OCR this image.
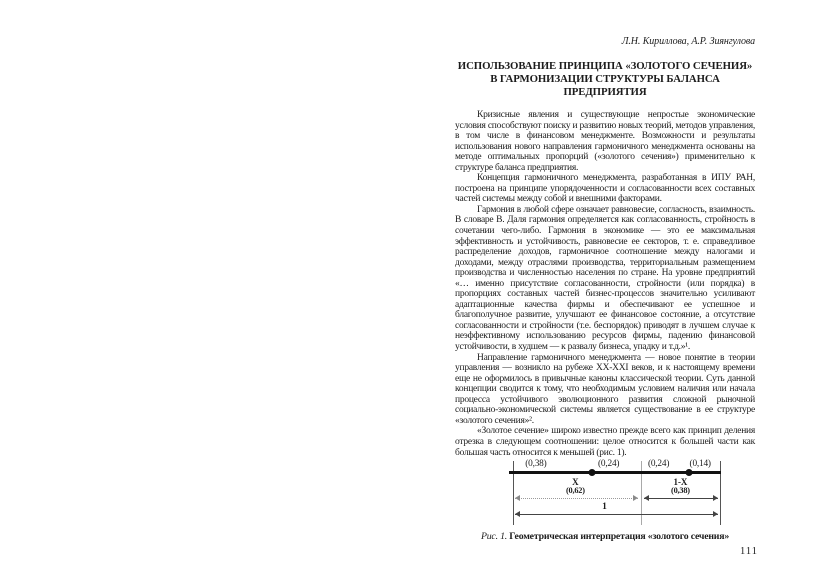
Л.Н. Кириллова, А.Р. Зиянгулова
ИСПОЛЬЗОВАНИЕ ПРИНЦИПА «ЗОЛОТОГО СЕЧЕНИЯ»
В ГАРМОНИЗАЦИИ СТРУКТУРЫ БАЛАНСА ПРЕДПРИЯТИЯ

Кризисные явления и существующие непростые экономические условия способствуют поиску и развитию новых теорий, методов управления, в том числе в финансовом менеджменте. Возможности и результаты использования нового направления гармоничного менеджмента основаны на методе оптимальных пропорций («золотого сечения») применительно к структуре баланса предприятия.

Концепция гармоничного менеджмента, разработанная в ИПУ РАН, построена на принципе упорядоченности и согласованности всех составных частей системы между собой и внешними факторами.

Гармония в любой сфере означает равновесие, согласность, взаимность. В словаре В. Даля гармония определяется как согласованность, стройность в сочетании чего-либо. Гармония в экономике — это ее максимальная эффективность и устойчивость, равновесие ее секторов, т. е. справедливое распределение доходов, гармоничное соотношение между налогами и доходами, между отраслями производства, территориальным размещением производства и численностью населения по стране. На уровне предприятий «… именно присутствие согласованности, стройности (или порядка) в пропорциях составных частей бизнес-процессов значительно усиливают адаптационные качества фирмы и обеспечивают ее успешное и благополучное развитие, улучшают ее финансовое состояние, а отсутствие согласованности и стройности (т.е. беспорядок) приводят в лучшем случае к неэффективному использованию ресурсов фирмы, падению финансовой устойчивости, в худшем — к развалу бизнеса, упадку и т.д.»¹.

Направление гармоничного менеджмента — новое понятие в теории управления — возникло на рубеже XX-XXI веков, и к настоящему времени еще не оформилось в привычные каноны классической теории. Суть данной концепции сводится к тому, что необходимым условием наличия или начала процесса устойчивого эволюционного развития сложной рыночной социально-экономической системы является существование в ее структуре «золотого сечения»².

«Золотое сечение» широко известно прежде всего как принцип деления отрезка в следующем соотношении: целое относится к большей части как большая часть относится к меньшей (рис. 1).

(0,38)	(0,24)	(0,24) (0,14)
X
(0,62)
1-X
(0,38)
1
Рис. 1. Геометрическая интерпретация «золотого сечения»
111
